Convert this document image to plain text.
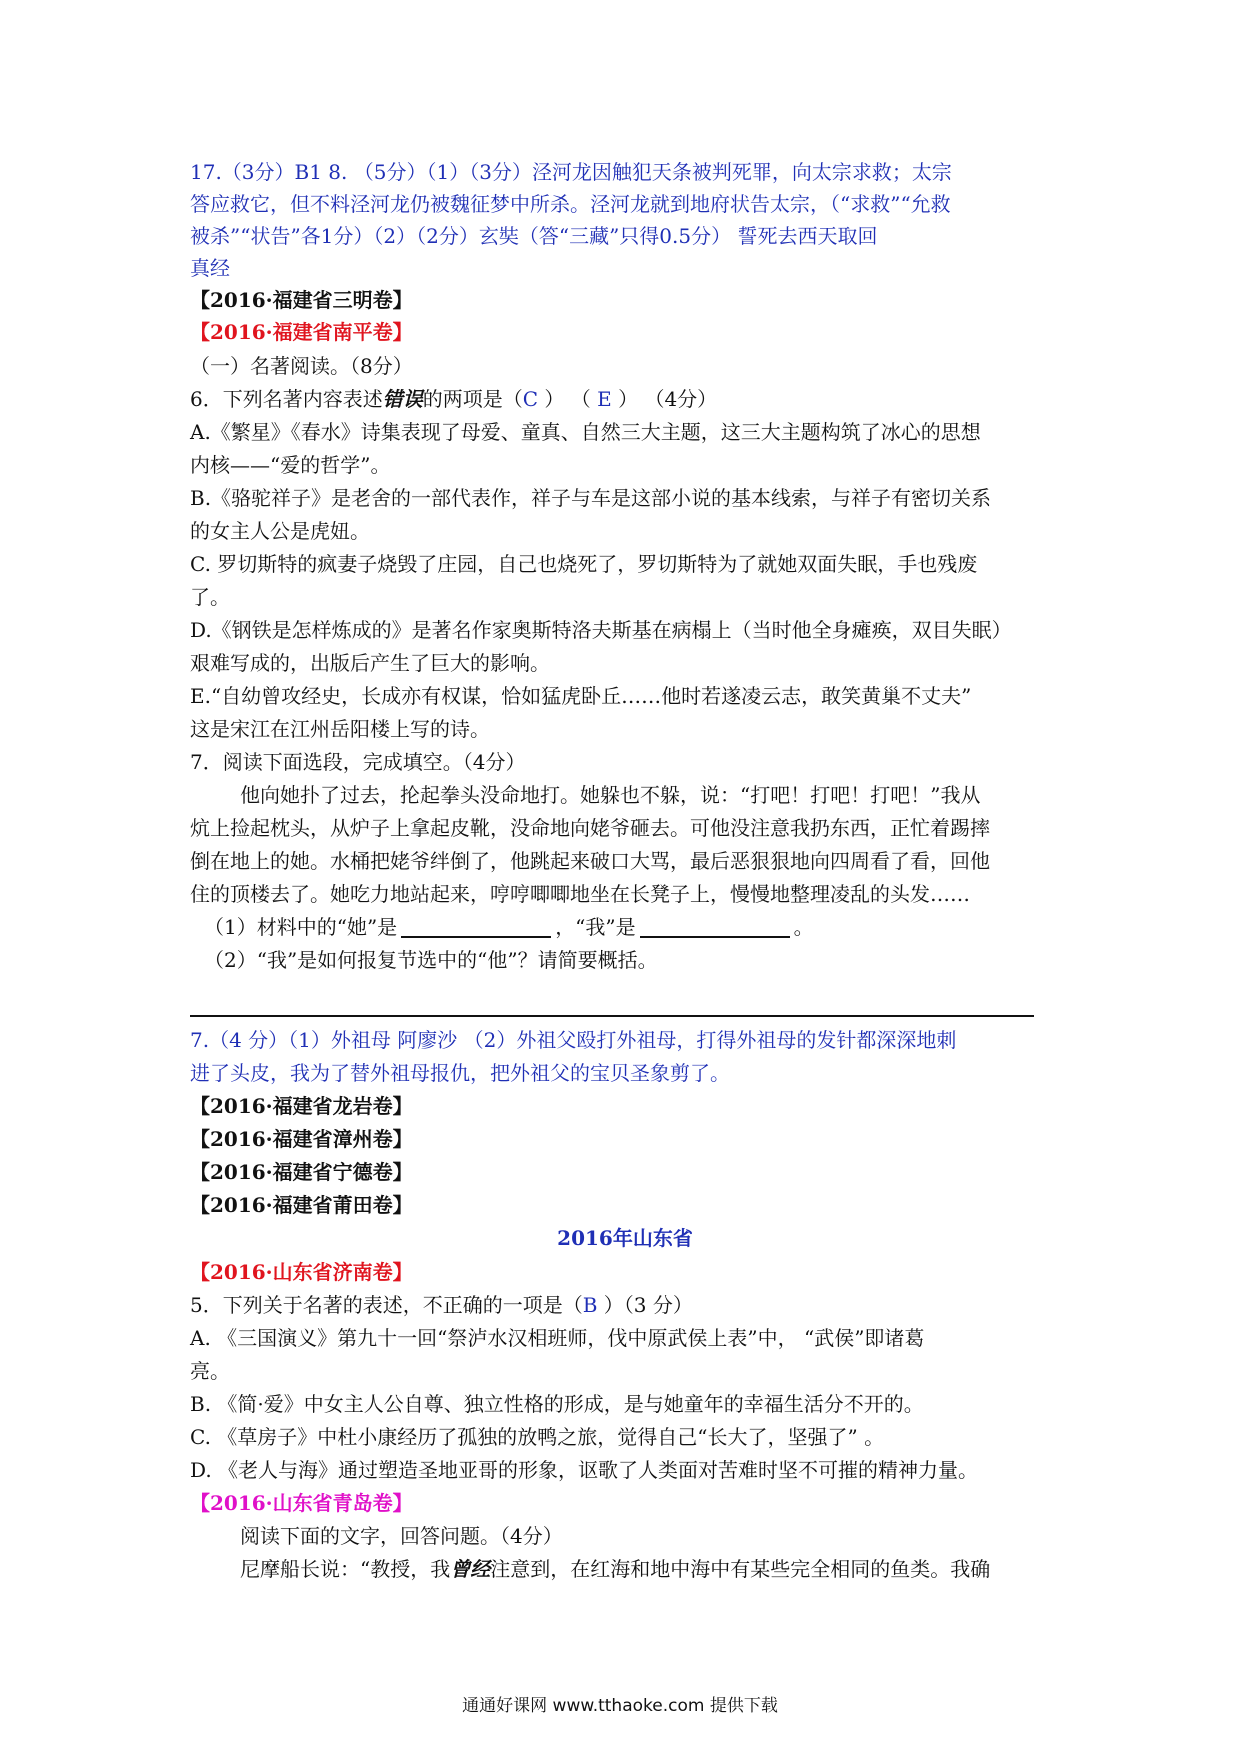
17.（3分）B1 8. （5分）（1）（3分）泾河龙因触犯天条被判死罪，向太宗求救；太宗
答应救它，但不料泾河龙仍被魏征梦中所杀。泾河龙就到地府状告太宗，（“求救”“允救
被杀”“状告”各1分）（2）（2分）玄奘（答“三藏”只得0.5分） 誓死去西天取回
真经
【2016·福建省三明卷】
【2016·福建省南平卷】
（一）名著阅读。（8分）
6．下列名著内容表述错误的两项是（C ） （ E ） （4分）
A.《繁星》《春水》诗集表现了母爱、童真、自然三大主题，这三大主题构筑了冰心的思想
内核——“爱的哲学”。
B.《骆驼祥子》是老舍的一部代表作，祥子与车是这部小说的基本线索，与祥子有密切关系
的女主人公是虎妞。
C. 罗切斯特的疯妻子烧毁了庄园，自己也烧死了，罗切斯特为了就她双面失眠，手也残废
了。
D.《钢铁是怎样炼成的》是著名作家奥斯特洛夫斯基在病榻上（当时他全身瘫痪，双目失眠）
艰难写成的，出版后产生了巨大的影响。
E.“自幼曾攻经史，长成亦有权谋，恰如猛虎卧丘……他时若遂凌云志，敢笑黄巢不丈夫”
这是宋江在江州岳阳楼上写的诗。
7．阅读下面选段，完成填空。（4分）
他向她扑了过去，抡起拳头没命地打。她躲也不躲，说：“打吧！打吧！打吧！”我从
炕上捡起枕头，从炉子上拿起皮靴，没命地向姥爷砸去。可他没注意我扔东西，正忙着踢摔
倒在地上的她。水桶把姥爷绊倒了，他跳起来破口大骂，最后恶狠狠地向四周看了看，回他
住的顶楼去了。她吃力地站起来，哼哼唧唧地坐在长凳子上，慢慢地整理凌乱的头发……
（1）材料中的“她”是	，“我”是	。
（2）“我”是如何报复节选中的“他”？请简要概括。
7.（4 分）（1）外祖母 阿廖沙 （2）外祖父殴打外祖母，打得外祖母的发针都深深地刺
进了头皮，我为了替外祖母报仇，把外祖父的宝贝圣象剪了。
【2016·福建省龙岩卷】
【2016·福建省漳州卷】
【2016·福建省宁德卷】
【2016·福建省莆田卷】
2016年山东省
【2016·山东省济南卷】
5．下列关于名著的表述，不正确的一项是（B ）（3 分）
A. 《三国演义》第九十一回“祭泸水汉相班师，伐中原武侯上表”中， “武侯”即诸葛
亮。
B. 《简·爱》中女主人公自尊、独立性格的形成，是与她童年的幸福生活分不开的。
C. 《草房子》中杜小康经历了孤独的放鸭之旅，觉得自己“长大了，坚强了” 。
D. 《老人与海》通过塑造圣地亚哥的形象，讴歌了人类面对苦难时坚不可摧的精神力量。
【2016·山东省青岛卷】
阅读下面的文字，回答问题。（4分）
尼摩船长说：“教授，我曾经注意到，在红海和地中海中有某些完全相同的鱼类。我确
通通好课网 www.tthaoke.com 提供下载
